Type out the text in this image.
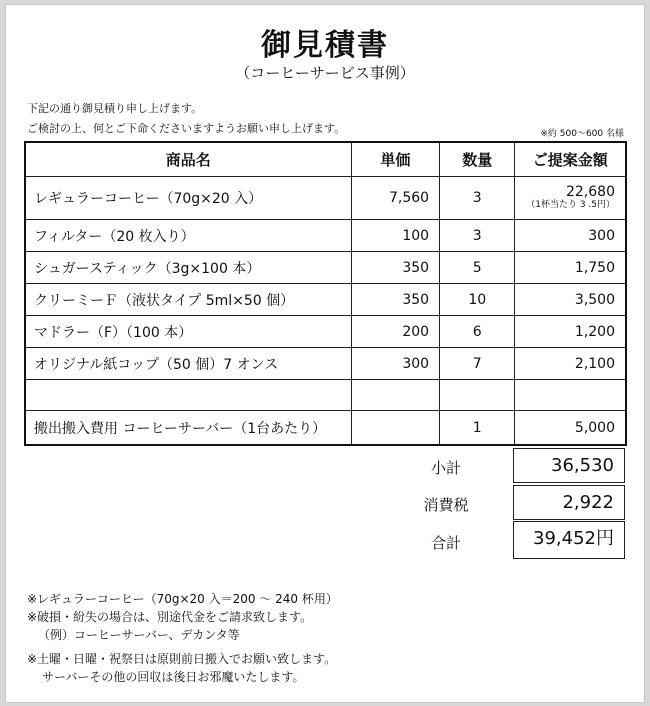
御見積書
（コーヒーサービス事例）
下記の通り御見積り申し上げます。
ご検討の上、何とご下命くださいますようお願い申し上げます。	※約 500〜600 名様
商品名	単価	数量	ご提案金額
レギュラーコーヒー（70g×20 入）	7,560	3	22,680
（1杯当たり 3 .5円）

フィルター（20 枚入り）	100	3	300
シュガースティック（3g×100 本）	350	5	1,750
クリーミーＦ（液状タイプ 5ml×50 個）	350	10	3,500
マドラー（F）（100 本）	200	6	1,200
オリジナル紙コップ（50 個）7 オンス	300	7	2,100

搬出搬入費用 コーヒーサーバー（1台あたり）		1	5,000
小計	36,530
消費税	2,922
合計	39,452円
※レギュラーコーヒー（70g×20 入＝200 〜 240 杯用）
※破損・紛失の場合は、別途代金をご請求致します。
（例）コーヒーサーバー、デカンタ等
※土曜・日曜・祝祭日は原則前日搬入でお願い致します。
サーバーその他の回収は後日お邪魔いたします。
